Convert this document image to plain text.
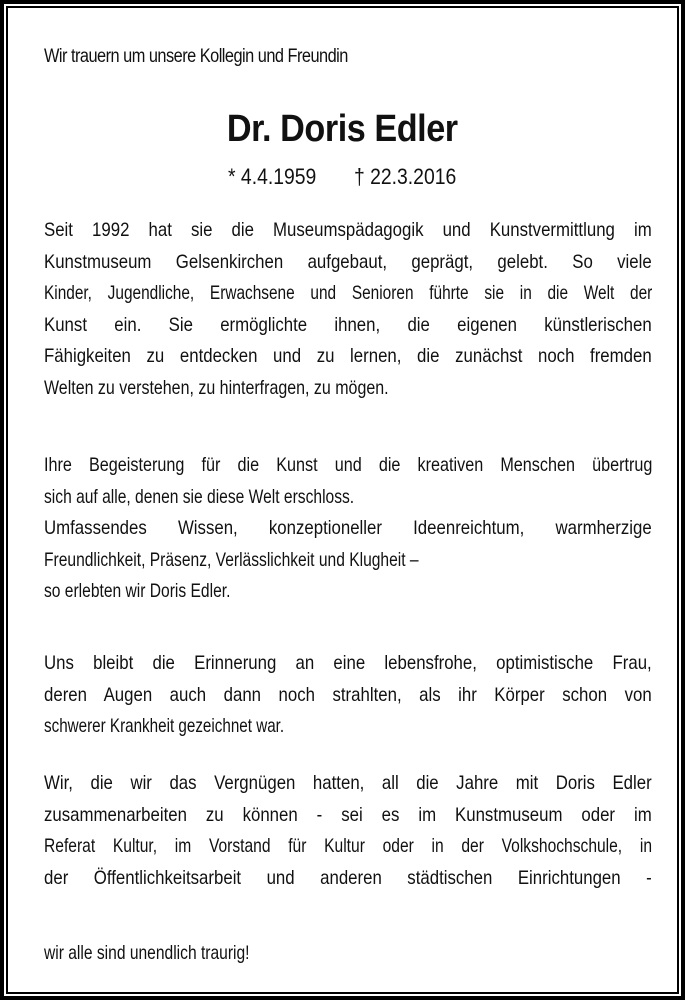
Wir trauern um unsere Kollegin und Freundin
Dr. Doris Edler
* 4.4.1959 † 22.3.2016
Seit 1992 hat sie die Museumspädagogik und Kunstvermittlung im
Kunstmuseum Gelsenkirchen aufgebaut, geprägt, gelebt. So viele
Kinder, Jugendliche, Erwachsene und Senioren führte sie in die Welt der
Kunst ein. Sie ermöglichte ihnen, die eigenen künstlerischen
Fähigkeiten zu entdecken und zu lernen, die zunächst noch fremden
Welten zu verstehen, zu hinterfragen, zu mögen.
Ihre Begeisterung für die Kunst und die kreativen Menschen übertrug
sich auf alle, denen sie diese Welt erschloss.
Umfassendes Wissen, konzeptioneller Ideenreichtum, warmherzige
Freundlichkeit, Präsenz, Verlässlichkeit und Klugheit –
so erlebten wir Doris Edler.
Uns bleibt die Erinnerung an eine lebensfrohe, optimistische Frau,
deren Augen auch dann noch strahlten, als ihr Körper schon von
schwerer Krankheit gezeichnet war.
Wir, die wir das Vergnügen hatten, all die Jahre mit Doris Edler
zusammenarbeiten zu können - sei es im Kunstmuseum oder im
Referat Kultur, im Vorstand für Kultur oder in der Volkshochschule, in
der Öffentlichkeitsarbeit und anderen städtischen Einrichtungen -
wir alle sind unendlich traurig!
